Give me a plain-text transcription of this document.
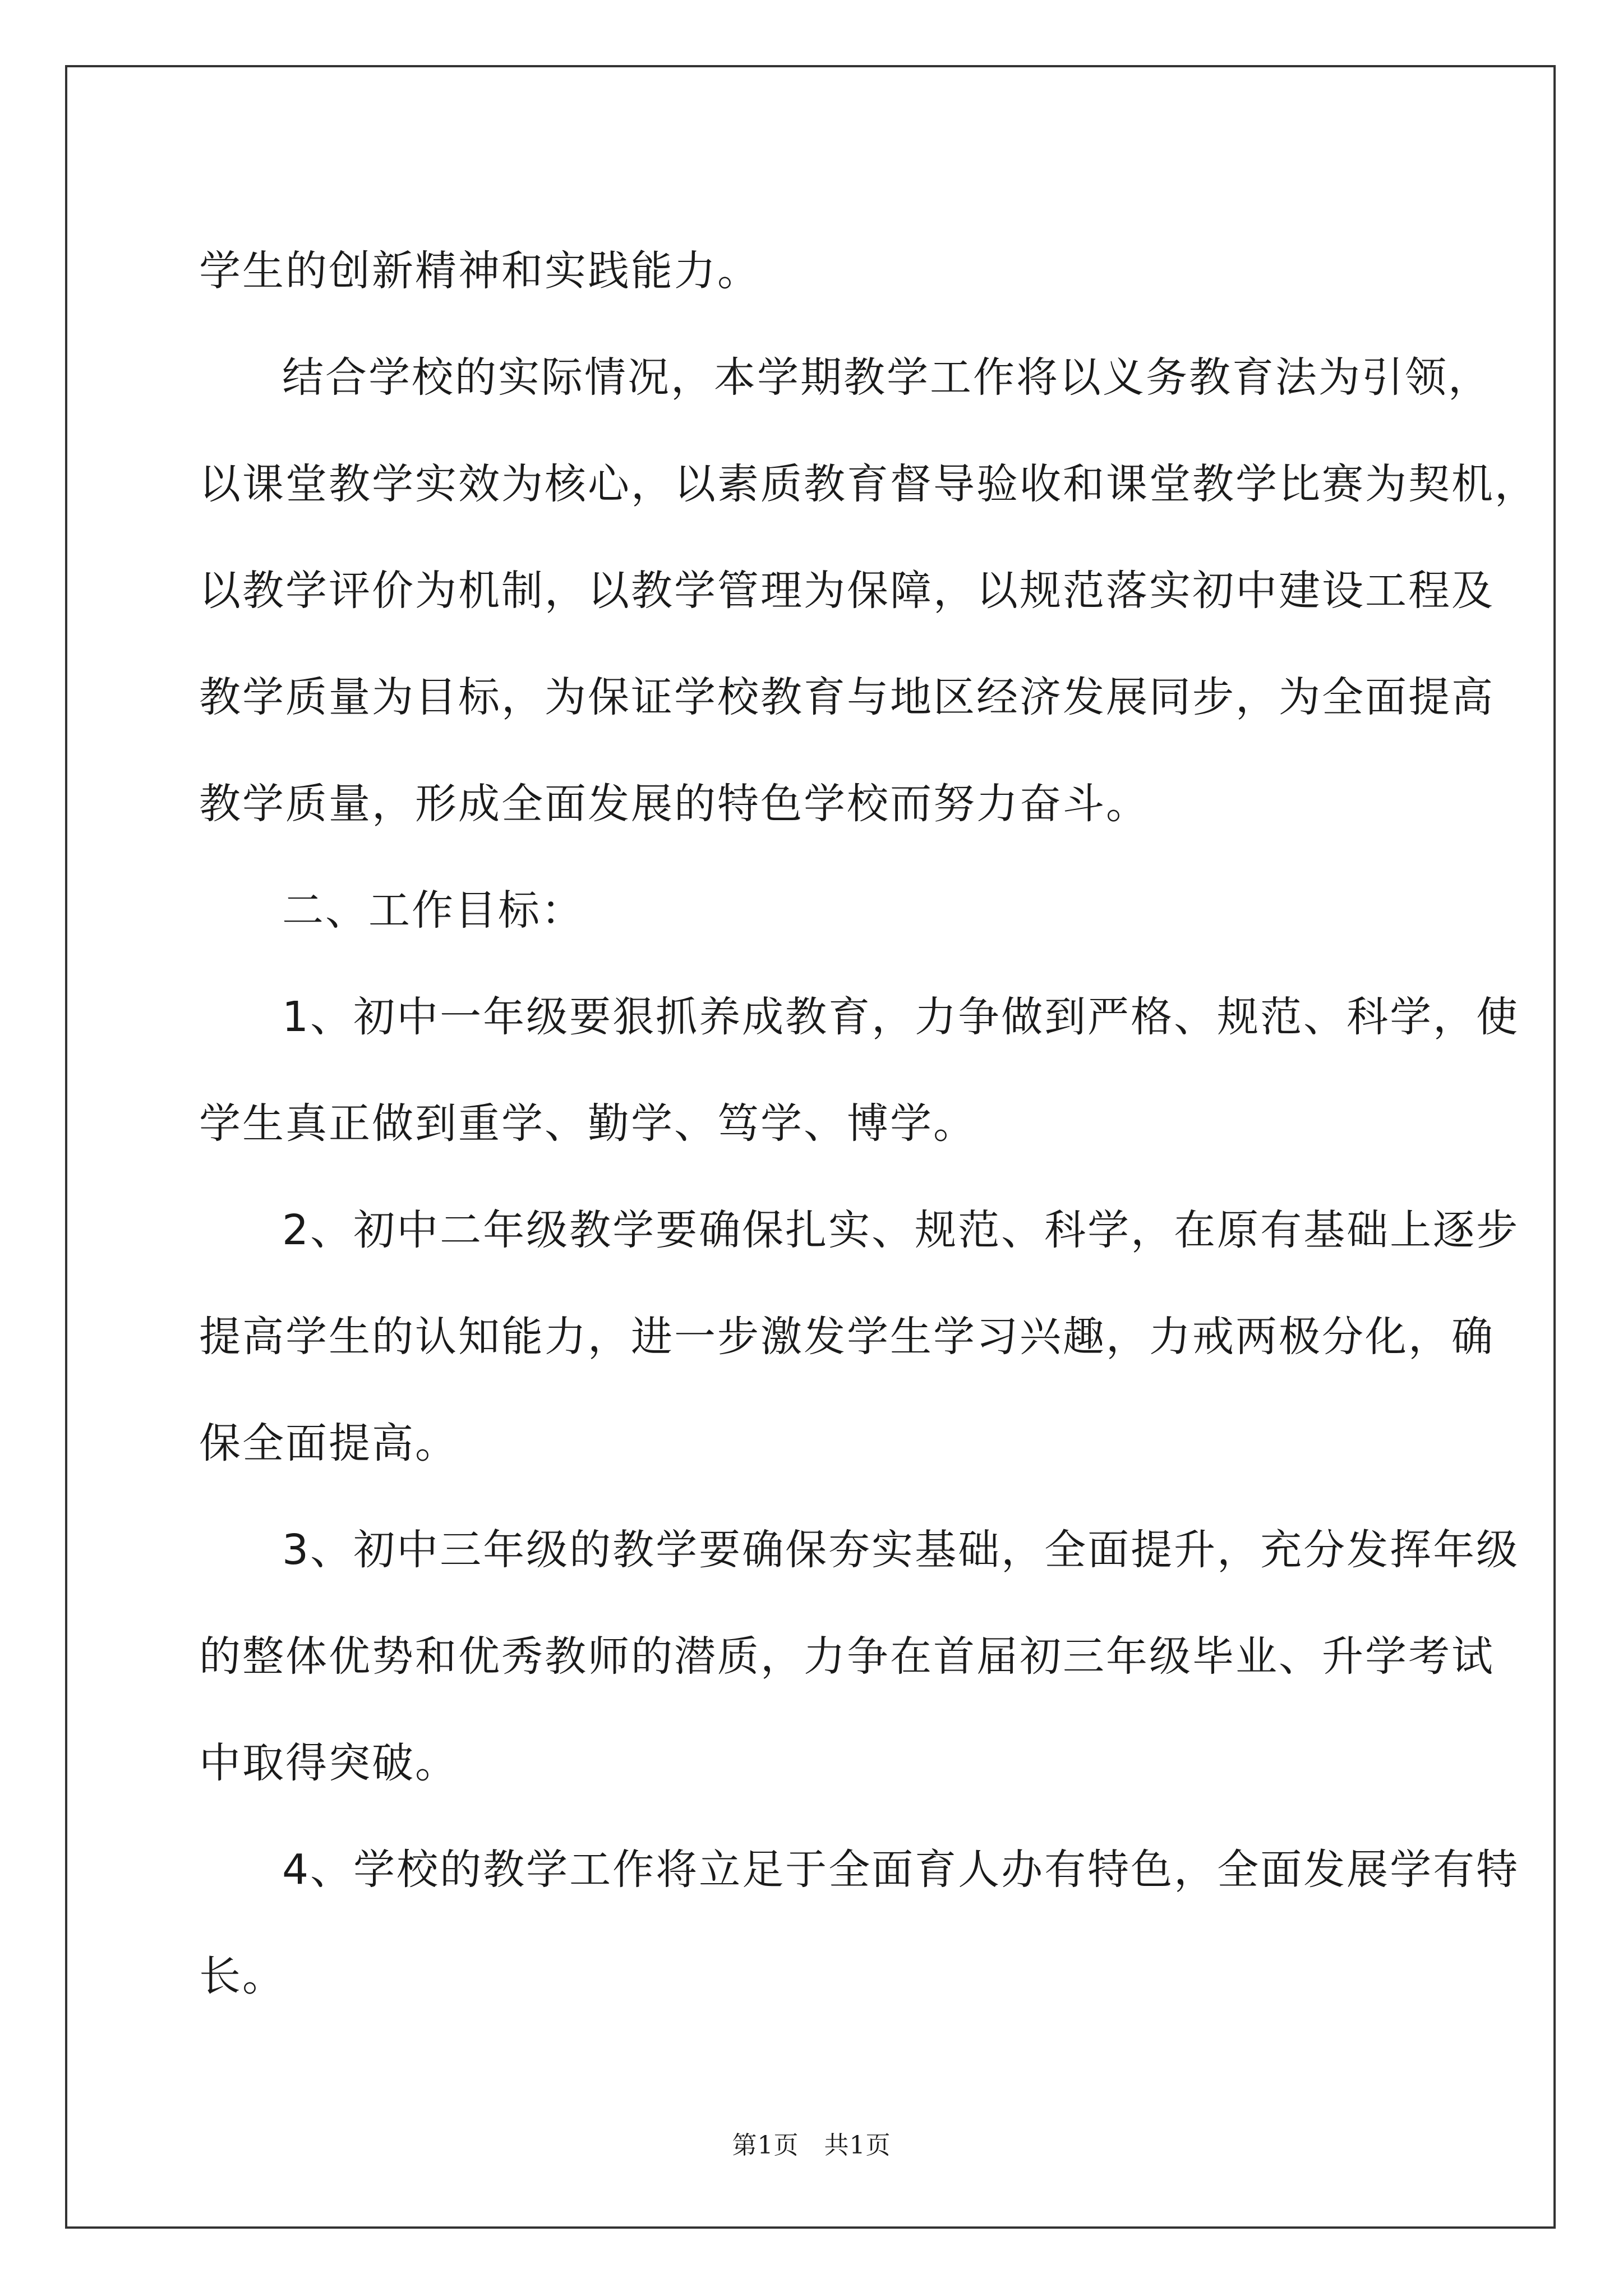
学生的创新精神和实践能力。
结合学校的实际情况，本学期教学工作将以义务教育法为引领，
以课堂教学实效为核心，以素质教育督导验收和课堂教学比赛为契机，
以教学评价为机制，以教学管理为保障，以规范落实初中建设工程及
教学质量为目标，为保证学校教育与地区经济发展同步，为全面提高
教学质量，形成全面发展的特色学校而努力奋斗。
二、工作目标：
1、初中一年级要狠抓养成教育，力争做到严格、规范、科学，使
学生真正做到重学、勤学、笃学、博学。
2、初中二年级教学要确保扎实、规范、科学，在原有基础上逐步
提高学生的认知能力，进一步激发学生学习兴趣，力戒两极分化，确
保全面提高。
3、初中三年级的教学要确保夯实基础，全面提升，充分发挥年级
的整体优势和优秀教师的潜质，力争在首届初三年级毕业、升学考试
中取得突破。
4、学校的教学工作将立足于全面育人办有特色，全面发展学有特
长。
第1页 共1页
